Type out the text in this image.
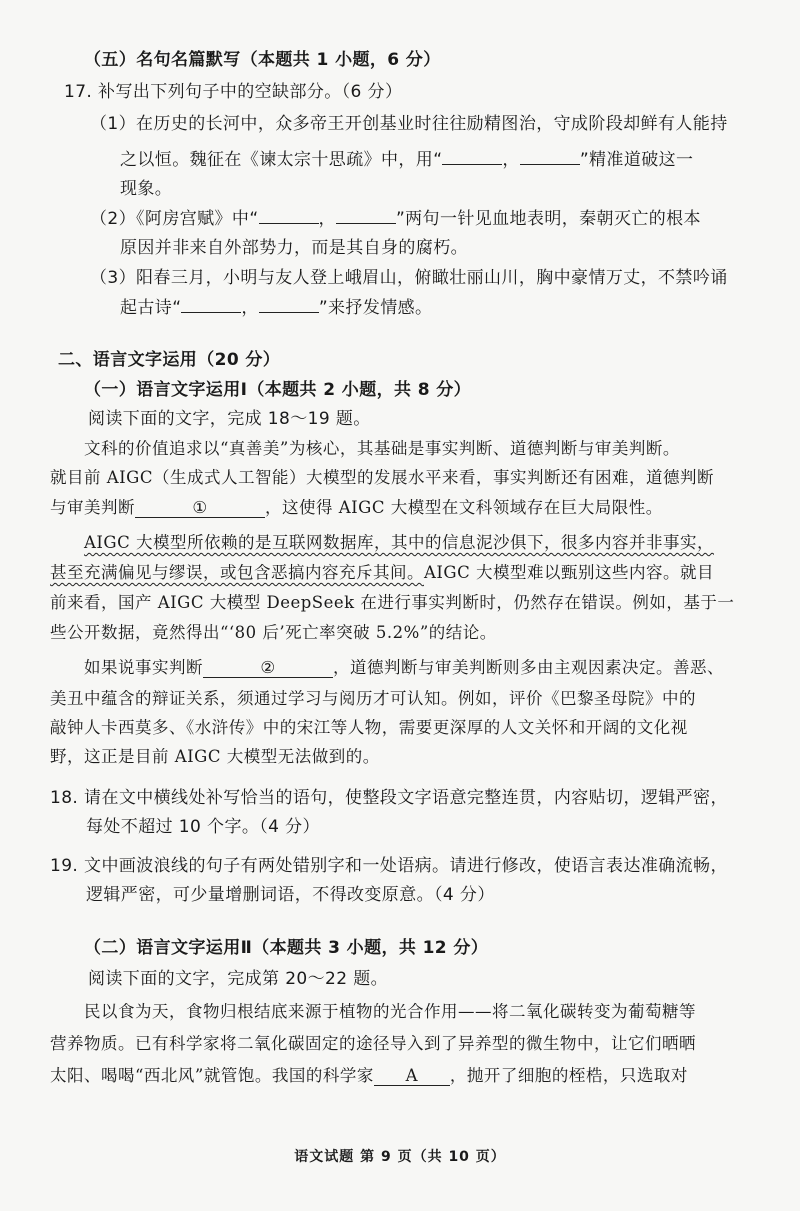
（五）名句名篇默写（本题共 1 小题，6 分）
17. 补写出下列句子中的空缺部分。（6 分）
（1）在历史的长河中，众多帝王开创基业时往往励精图治，守成阶段却鲜有人能持
之以恒。魏征在《谏太宗十思疏》中，用“	，	”精准道破这一
现象。
（2）《阿房宫赋》中“	，	”两句一针见血地表明，秦朝灭亡的根本
原因并非来自外部势力，而是其自身的腐朽。
（3）阳春三月，小明与友人登上峨眉山，俯瞰壮丽山川，胸中豪情万丈，不禁吟诵
起古诗“	，	”来抒发情感。
二、语言文字运用（20 分）
（一）语言文字运用Ⅰ（本题共 2 小题，共 8 分）
阅读下面的文字，完成 18～19 题。
文科的价值追求以“真善美”为核心，其基础是事实判断、道德判断与审美判断。
就目前 AIGC（生成式人工智能）大模型的发展水平来看，事实判断还有困难，道德判断
与审美判断	①	，这使得 AIGC 大模型在文科领域存在巨大局限性。
AIGC 大模型所依赖的是互联网数据库，其中的信息泥沙俱下，很多内容并非事实，
甚至充满偏见与缪误，或包含恶搞内容充斥其间。AIGC 大模型难以甄别这些内容。就目
前来看，国产 AIGC 大模型 DeepSeek 在进行事实判断时，仍然存在错误。例如，基于一
些公开数据，竟然得出“‘80 后’死亡率突破 5.2%”的结论。
如果说事实判断	②	，道德判断与审美判断则多由主观因素决定。善恶、
美丑中蕴含的辩证关系，须通过学习与阅历才可认知。例如，评价《巴黎圣母院》中的
敲钟人卡西莫多、《水浒传》中的宋江等人物，需要更深厚的人文关怀和开阔的文化视
野，这正是目前 AIGC 大模型无法做到的。
18. 请在文中横线处补写恰当的语句，使整段文字语意完整连贯，内容贴切，逻辑严密，
每处不超过 10 个字。（4 分）
19. 文中画波浪线的句子有两处错别字和一处语病。请进行修改，使语言表达准确流畅，
逻辑严密，可少量增删词语，不得改变原意。（4 分）
（二）语言文字运用Ⅱ（本题共 3 小题，共 12 分）
阅读下面的文字，完成第 20～22 题。
民以食为天，食物归根结底来源于植物的光合作用——将二氧化碳转变为葡萄糖等
营养物质。已有科学家将二氧化碳固定的途径导入到了异养型的微生物中，让它们晒晒
太阳、喝喝“西北风”就管饱。我国的科学家 A ，抛开了细胞的桎梏，只选取对
语文试题 第 9 页（共 10 页）
